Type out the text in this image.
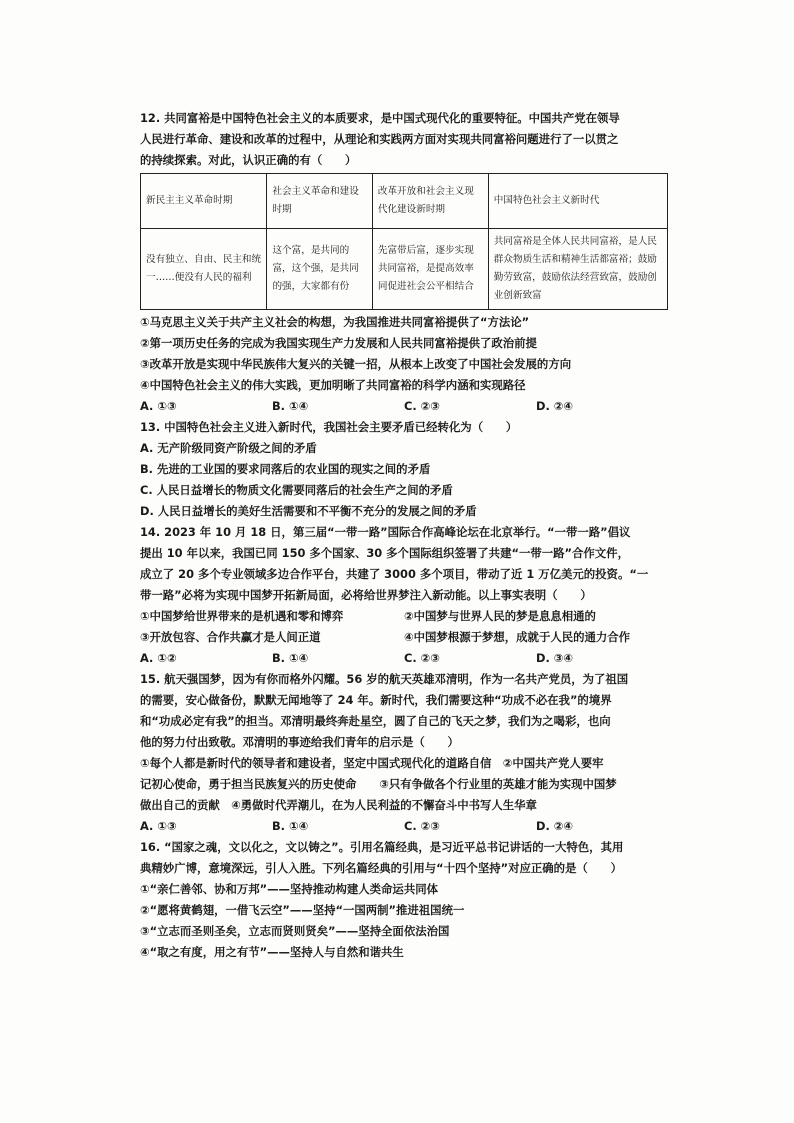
12. 共同富裕是中国特色社会主义的本质要求，是中国式现代化的重要特征。中国共产党在领导

人民进行革命、建设和改革的过程中，从理论和实践两方面对实现共同富裕问题进行了一以贯之

的持续探索。对此，认识正确的有（　　）

新民主主义革命时期	社会主义革命和建设时期	改革开放和社会主义现代化建设新时期	中国特色社会主义新时代
没有独立、自由、民主和统一……便没有人民的福利	这个富，是共同的富，这个强，是共同的强，大家都有份	先富带后富，逐步实现共同富裕，是提高效率同促进社会公平相结合	共同富裕是全体人民共同富裕，是人民群众物质生活和精神生活都富裕；鼓励勤劳致富，鼓励依法经营致富，鼓励创业创新致富

①马克思主义关于共产主义社会的构想，为我国推进共同富裕提供了“方法论”

②第一项历史任务的完成为我国实现生产力发展和人民共同富裕提供了政治前提

③改革开放是实现中华民族伟大复兴的关键一招，从根本上改变了中国社会发展的方向

④中国特色社会主义的伟大实践，更加明晰了共同富裕的科学内涵和实现路径

A. ①③	B. ①④	C. ②③	D. ②④

13. 中国特色社会主义进入新时代，我国社会主要矛盾已经转化为（　　）

A. 无产阶级同资产阶级之间的矛盾

B. 先进的工业国的要求同落后的农业国的现实之间的矛盾

C. 人民日益增长的物质文化需要同落后的社会生产之间的矛盾

D. 人民日益增长的美好生活需要和不平衡不充分的发展之间的矛盾

14. 2023 年 10 月 18 日，第三届“一带一路”国际合作高峰论坛在北京举行。“一带一路”倡议

提出 10 年以来，我国已同 150 多个国家、30 多个国际组织签署了共建“一带一路”合作文件，

成立了 20 多个专业领域多边合作平台，共建了 3000 多个项目，带动了近 1 万亿美元的投资。“一

带一路”必将为实现中国梦开拓新局面，必将给世界梦注入新动能。以上事实表明（　　）

①中国梦给世界带来的是机遇和零和博弈	②中国梦与世界人民的梦是息息相通的
③开放包容、合作共赢才是人间正道	④中国梦根源于梦想，成就于人民的通力合作
A. ①②	B. ①④	C. ②③	D. ③④

15. 航天强国梦，因为有你而格外闪耀。56 岁的航天英雄邓清明，作为一名共产党员，为了祖国

的需要，安心做备份，默默无闻地等了 24 年。新时代，我们需要这种“功成不必在我”的境界

和“功成必定有我”的担当。邓清明最终奔赴星空，圆了自己的飞天之梦，我们为之喝彩，也向

他的努力付出致敬。邓清明的事迹给我们青年的启示是（　　）

①每个人都是新时代的领导者和建设者，坚定中国式现代化的道路自信　②中国共产党人要牢

记初心使命，勇于担当民族复兴的历史使命　　③只有争做各个行业里的英雄才能为实现中国梦

做出自己的贡献　④勇做时代弄潮儿，在为人民利益的不懈奋斗中书写人生华章

A. ①③	B. ①④	C. ②③	D. ②④

16. “国家之魂，文以化之，文以铸之”。引用名篇经典，是习近平总书记讲话的一大特色，其用

典精妙广博，意境深远，引人入胜。下列名篇经典的引用与“十四个坚持”对应正确的是（　　）

①“亲仁善邻、协和万邦”——坚持推动构建人类命运共同体

②“愿将黄鹤翅，一借飞云空”——坚持“一国两制”推进祖国统一

③“立志而圣则圣矣，立志而贤则贤矣”——坚持全面依法治国

④“取之有度，用之有节”——坚持人与自然和谐共生
